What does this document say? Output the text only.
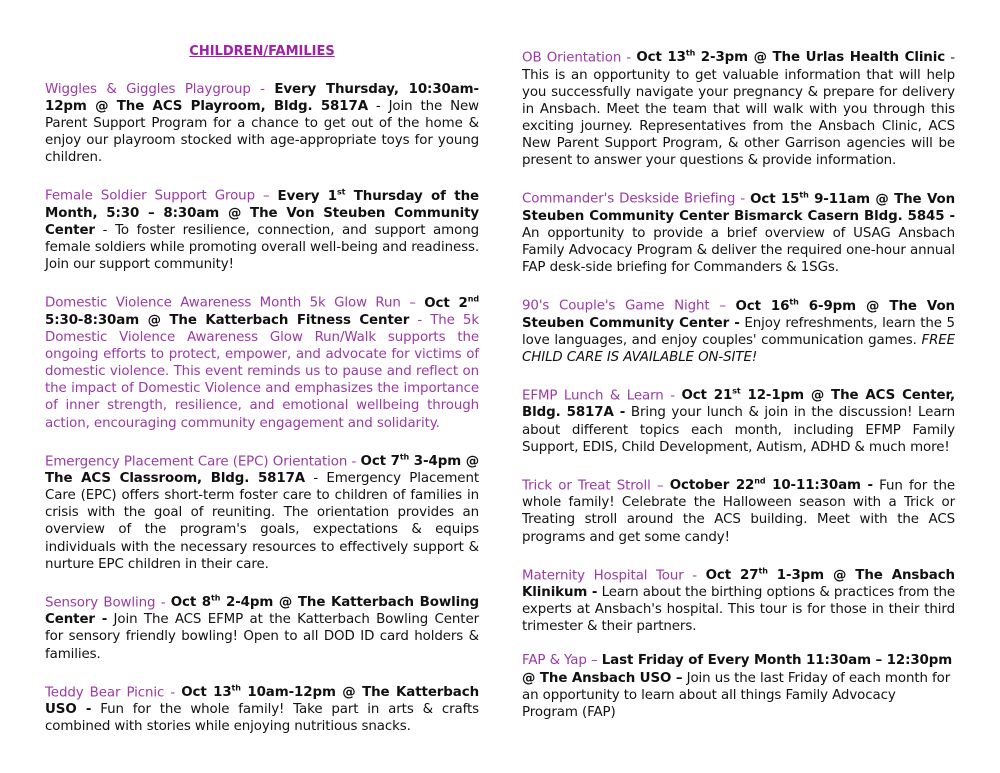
CHILDREN/FAMILIES

Wiggles & Giggles Playgroup - Every Thursday, 10:30am-12pm @ The ACS Playroom, Bldg. 5817A - Join the New Parent Support Program for a chance to get out of the home & enjoy our playroom stocked with age-appropriate toys for young children.

Female Soldier Support Group – Every 1st Thursday of the Month, 5:30 – 8:30am @ The Von Steuben Community Center - To foster resilience, connection, and support among female soldiers while promoting overall well-being and readiness. Join our support community!

Domestic Violence Awareness Month 5k Glow Run – Oct 2nd 5:30-8:30am @ The Katterbach Fitness Center - The 5k Domestic Violence Awareness Glow Run/Walk supports the ongoing efforts to protect, empower, and advocate for victims of domestic violence. This event reminds us to pause and reflect on the impact of Domestic Violence and emphasizes the importance of inner strength, resilience, and emotional wellbeing through action, encouraging community engagement and solidarity.

Emergency Placement Care (EPC) Orientation - Oct 7th 3-4pm @ The ACS Classroom, Bldg. 5817A - Emergency Placement Care (EPC) offers short-term foster care to children of families in crisis with the goal of reuniting. The orientation provides an overview of the program's goals, expectations & equips individuals with the necessary resources to effectively support & nurture EPC children in their care.

Sensory Bowling - Oct 8th 2-4pm @ The Katterbach Bowling Center - Join The ACS EFMP at the Katterbach Bowling Center for sensory friendly bowling! Open to all DOD ID card holders & families.

Teddy Bear Picnic - Oct 13th 10am-12pm @ The Katterbach USO - Fun for the whole family! Take part in arts & crafts combined with stories while enjoying nutritious snacks.

OB Orientation - Oct 13th 2-3pm @ The Urlas Health Clinic - This is an opportunity to get valuable information that will help you successfully navigate your pregnancy & prepare for delivery in Ansbach. Meet the team that will walk with you through this exciting journey. Representatives from the Ansbach Clinic, ACS New Parent Support Program, & other Garrison agencies will be present to answer your questions & provide information.

Commander's Deskside Briefing - Oct 15th 9-11am @ The Von Steuben Community Center Bismarck Casern Bldg. 5845 - An opportunity to provide a brief overview of USAG Ansbach Family Advocacy Program & deliver the required one-hour annual FAP desk-side briefing for Commanders & 1SGs.

90's Couple's Game Night – Oct 16th 6-9pm @ The Von Steuben Community Center - Enjoy refreshments, learn the 5 love languages, and enjoy couples' communication games. FREE CHILD CARE IS AVAILABLE ON-SITE!

EFMP Lunch & Learn - Oct 21st 12-1pm @ The ACS Center, Bldg. 5817A - Bring your lunch & join in the discussion! Learn about different topics each month, including EFMP Family Support, EDIS, Child Development, Autism, ADHD & much more!

Trick or Treat Stroll – October 22nd 10-11:30am - Fun for the whole family! Celebrate the Halloween season with a Trick or Treating stroll around the ACS building. Meet with the ACS programs and get some candy!

Maternity Hospital Tour - Oct 27th 1-3pm @ The Ansbach Klinikum - Learn about the birthing options & practices from the experts at Ansbach's hospital. This tour is for those in their third trimester & their partners.

FAP & Yap – Last Friday of Every Month 11:30am – 12:30pm @ The Ansbach USO – Join us the last Friday of each month for an opportunity to learn about all things Family Advocacy Program (FAP)
